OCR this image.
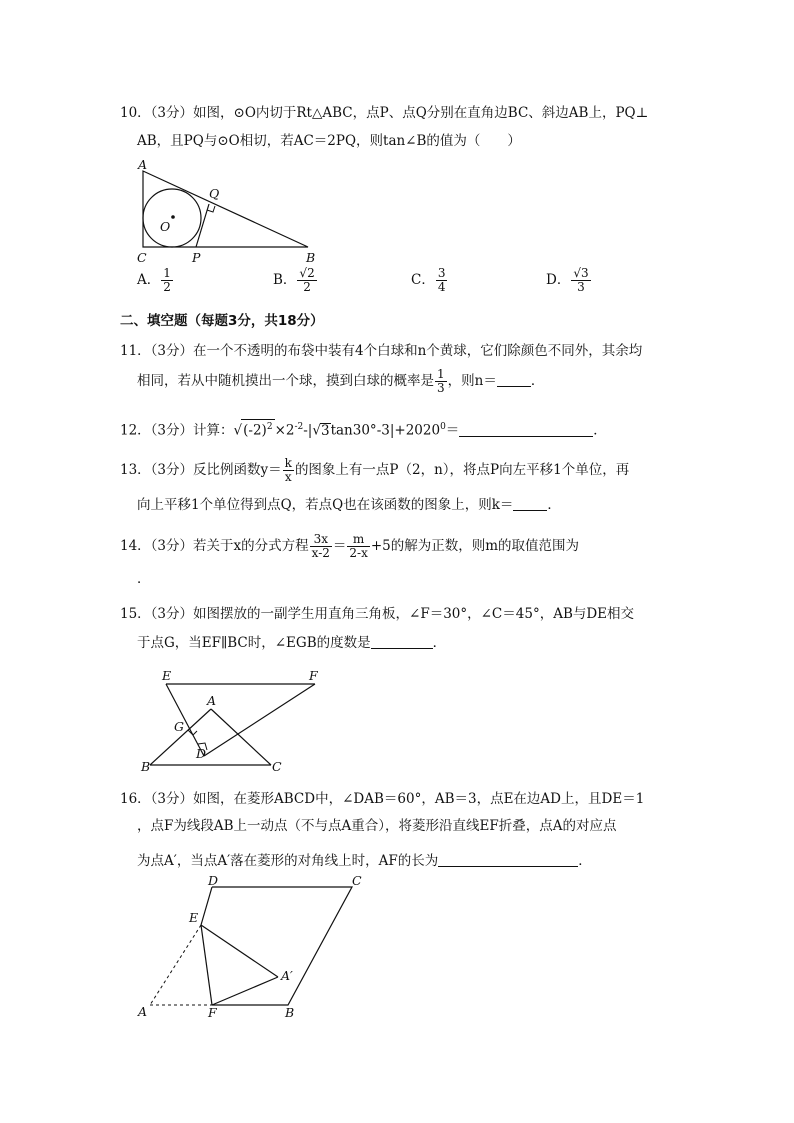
10．（3分）如图，⊙O内切于Rt△ABC，点P、点Q分别在直角边BC、斜边AB上，PQ⊥
AB，且PQ与⊙O相切，若AC＝2PQ，则tan∠B的值为（　　）
A
C	P	B
Q
O
E	F
A
G
D
B	C
D	C
E
A′
A	F	B
A． $\frac{1}{2}$	B． $\frac{√2}{2}$	C． $\frac{3}{4}$	D． $\frac{√3}{3}$
二、填空题（每题3分，共18分）
11．（3分）在一个不透明的布袋中装有4个白球和n个黄球，它们除颜色不同外，其余均
相同，若从中随机摸出一个球，摸到白球的概率是 $\frac{1}{3}$ ，则n＝	．
12．（3分）计算：$√(-2)^2 \times 2^{-2}-|√3\tan 30^\circ-3|+2020^0=$	．
13．（3分）反比例函数$y= \frac{k}{x}$ 的图象上有一点P（2，n），将点P向左平移1个单位，再
向上平移1个单位得到点Q，若点Q也在该函数的图象上，则k＝	．
14．（3分）若关于x的分式方程 $\frac{3x}{x-2} = \frac{m}{2-x} +5$的解为正数，则m的取值范围为
．
15．（3分）如图摆放的一副学生用直角三角板，∠F＝30°，∠C＝45°，AB与DE相交
于点G，当EF∥BC时，∠EGB的度数是	．
16．（3分）如图，在菱形ABCD中，∠DAB＝60°，AB＝3，点E在边AD上，且DE＝1
，点F为线段AB上一动点（不与点A重合），将菱形沿直线EF折叠，点A的对应点
为点A′，当点A′落在菱形的对角线上时，AF的长为	．
